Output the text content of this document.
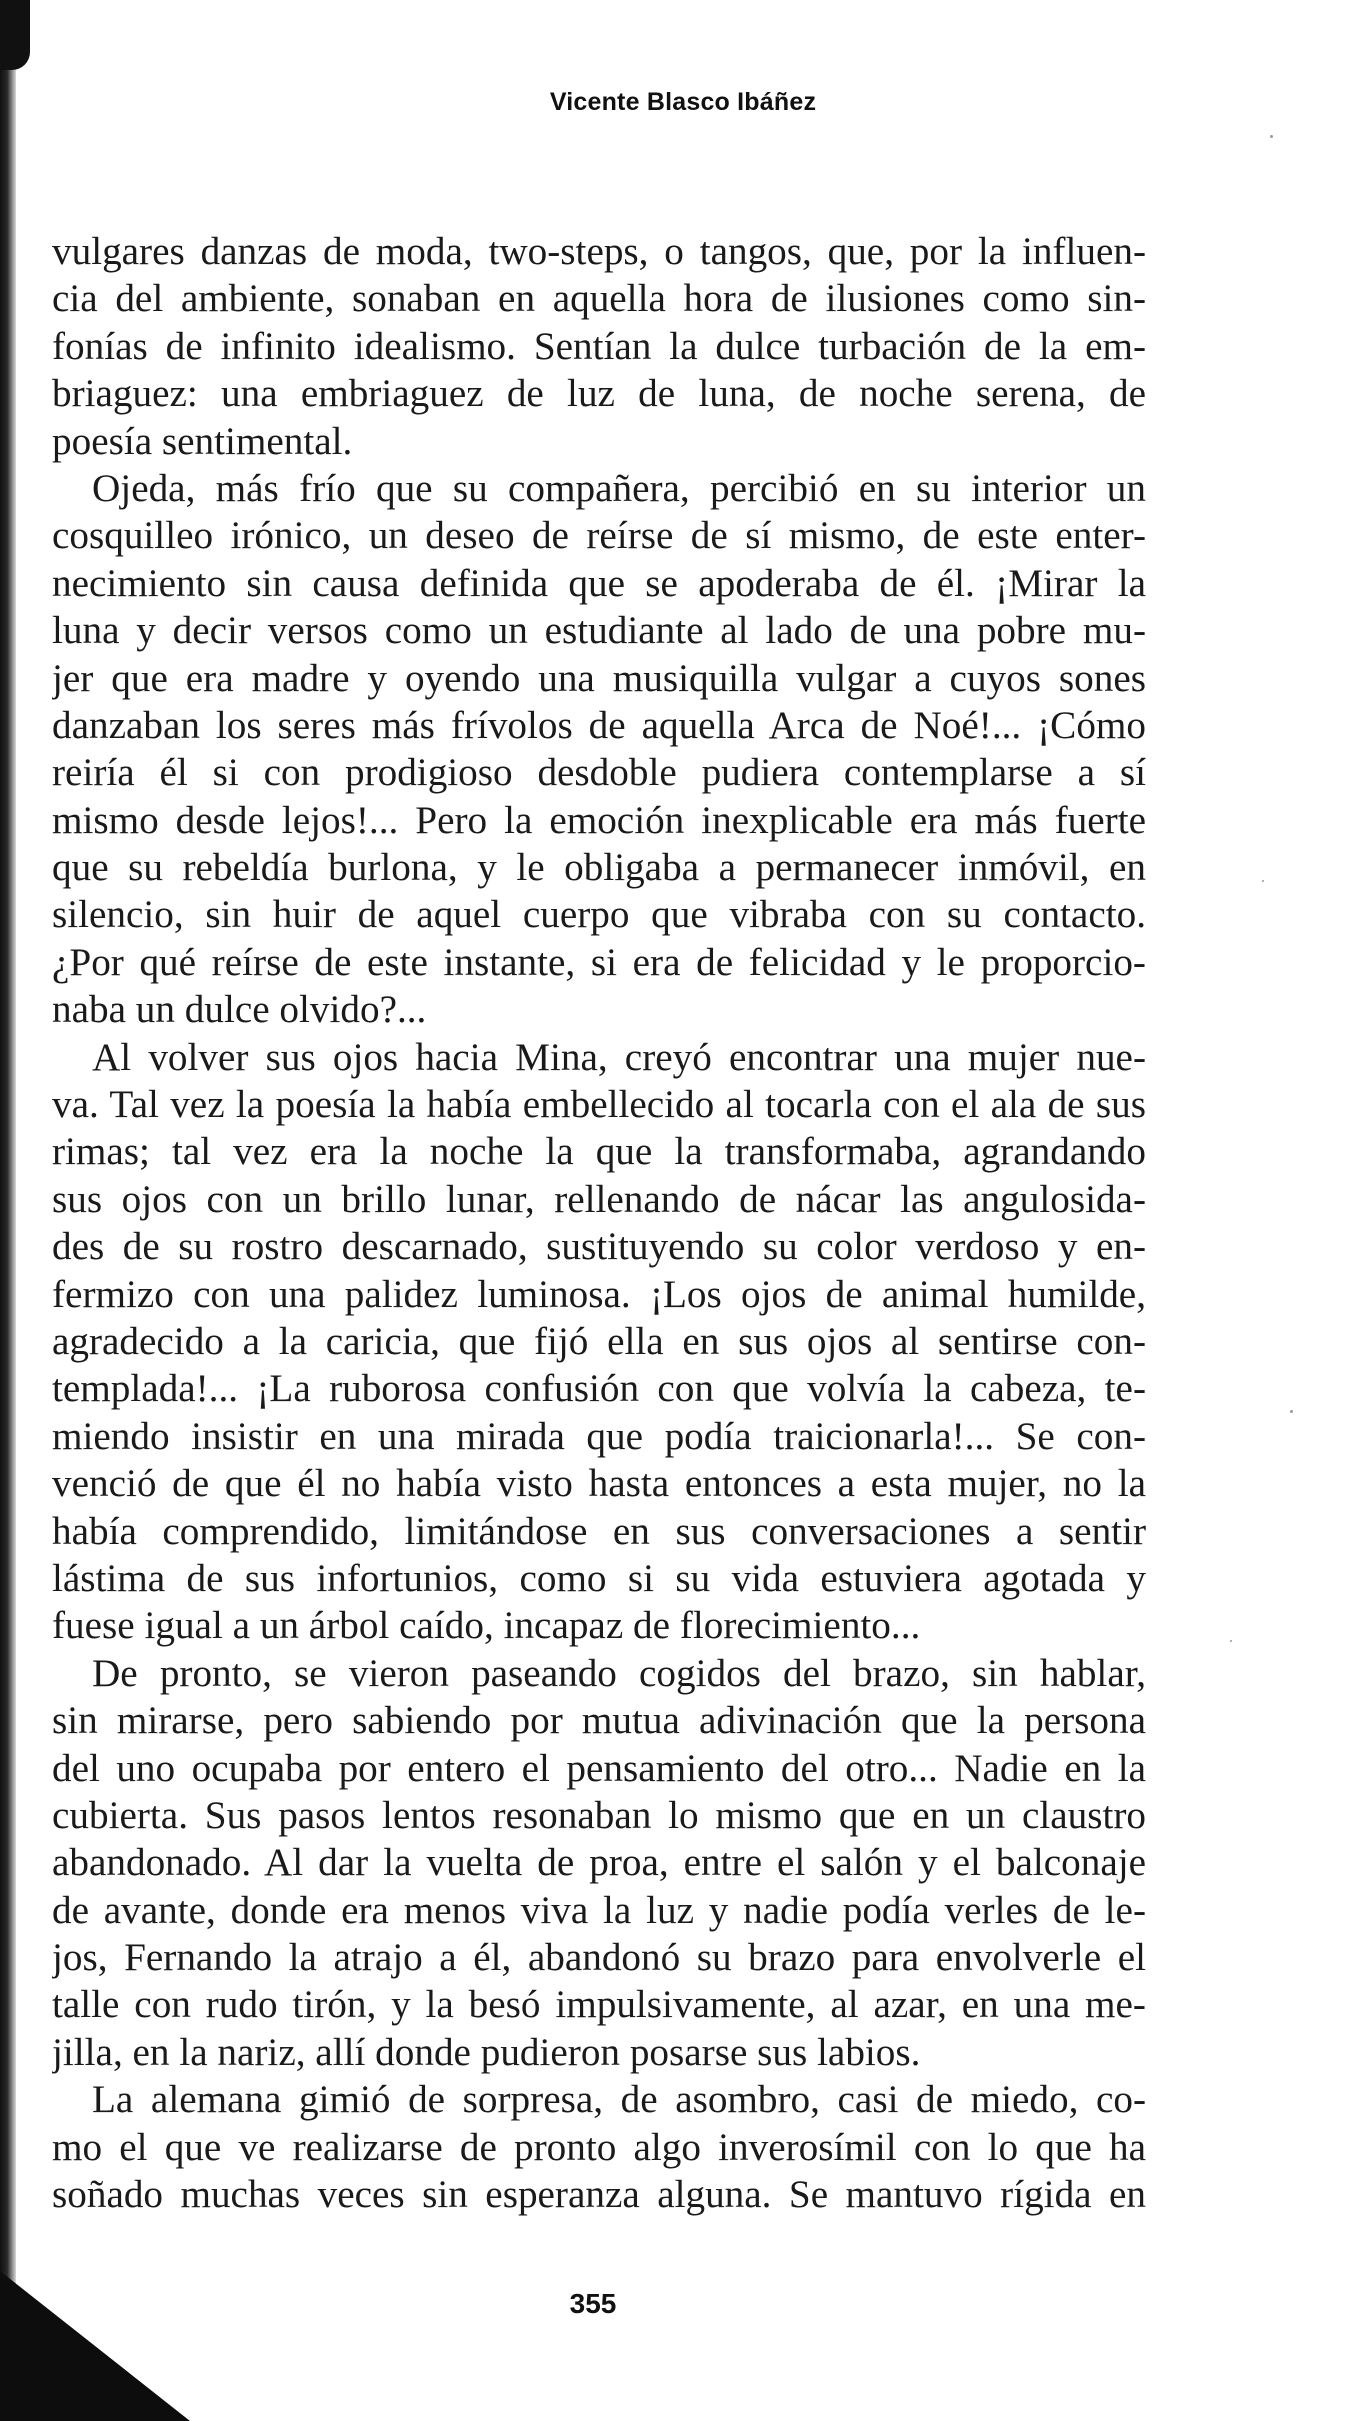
Vicente Blasco Ibáñez
vulgares danzas de moda, two-steps, o tangos, que, por la influen-
cia del ambiente, sonaban en aquella hora de ilusiones como sin-
fonías de infinito idealismo. Sentían la dulce turbación de la em-
briaguez: una embriaguez de luz de luna, de noche serena, de
poesía sentimental.
Ojeda, más frío que su compañera, percibió en su interior un
cosquilleo irónico, un deseo de reírse de sí mismo, de este enter-
necimiento sin causa definida que se apoderaba de él. ¡Mirar la
luna y decir versos como un estudiante al lado de una pobre mu-
jer que era madre y oyendo una musiquilla vulgar a cuyos sones
danzaban los seres más frívolos de aquella Arca de Noé!... ¡Cómo
reiría él si con prodigioso desdoble pudiera contemplarse a sí
mismo desde lejos!... Pero la emoción inexplicable era más fuerte
que su rebeldía burlona, y le obligaba a permanecer inmóvil, en
silencio, sin huir de aquel cuerpo que vibraba con su contacto.
¿Por qué reírse de este instante, si era de felicidad y le proporcio-
naba un dulce olvido?...
Al volver sus ojos hacia Mina, creyó encontrar una mujer nue-
va. Tal vez la poesía la había embellecido al tocarla con el ala de sus
rimas; tal vez era la noche la que la transformaba, agrandando
sus ojos con un brillo lunar, rellenando de nácar las angulosida-
des de su rostro descarnado, sustituyendo su color verdoso y en-
fermizo con una palidez luminosa. ¡Los ojos de animal humilde,
agradecido a la caricia, que fijó ella en sus ojos al sentirse con-
templada!... ¡La ruborosa confusión con que volvía la cabeza, te-
miendo insistir en una mirada que podía traicionarla!... Se con-
venció de que él no había visto hasta entonces a esta mujer, no la
había comprendido, limitándose en sus conversaciones a sentir
lástima de sus infortunios, como si su vida estuviera agotada y
fuese igual a un árbol caído, incapaz de florecimiento...
De pronto, se vieron paseando cogidos del brazo, sin hablar,
sin mirarse, pero sabiendo por mutua adivinación que la persona
del uno ocupaba por entero el pensamiento del otro... Nadie en la
cubierta. Sus pasos lentos resonaban lo mismo que en un claustro
abandonado. Al dar la vuelta de proa, entre el salón y el balconaje
de avante, donde era menos viva la luz y nadie podía verles de le-
jos, Fernando la atrajo a él, abandonó su brazo para envolverle el
talle con rudo tirón, y la besó impulsivamente, al azar, en una me-
jilla, en la nariz, allí donde pudieron posarse sus labios.
La alemana gimió de sorpresa, de asombro, casi de miedo, co-
mo el que ve realizarse de pronto algo inverosímil con lo que ha
soñado muchas veces sin esperanza alguna. Se mantuvo rígida en
355
